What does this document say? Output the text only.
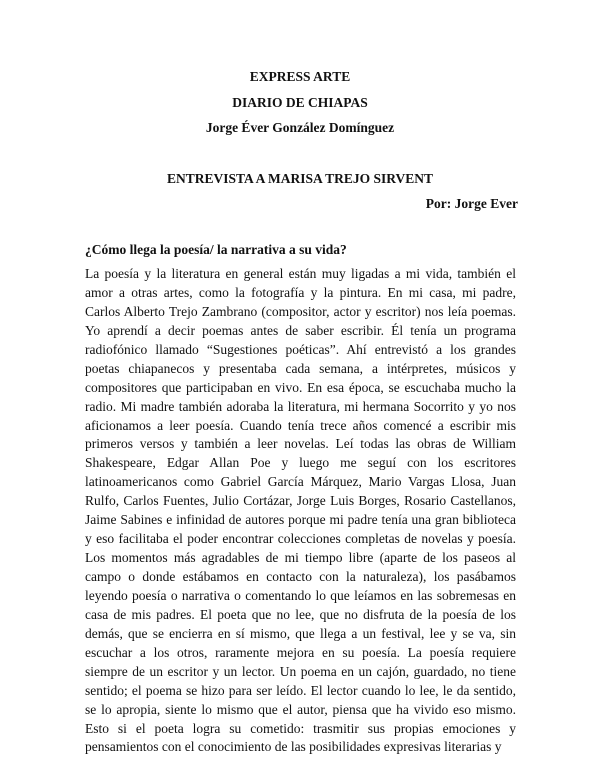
EXPRESS ARTE
DIARIO DE CHIAPAS
Jorge Éver González Domínguez
ENTREVISTA A MARISA TREJO SIRVENT
Por: Jorge Ever
¿Cómo llega la poesía/ la narrativa a su vida?
La poesía y la literatura en general están muy ligadas a mi vida, también el
amor a otras artes, como la fotografía y la pintura. En mi casa, mi padre,
Carlos Alberto Trejo Zambrano (compositor, actor y escritor) nos leía poemas.
Yo aprendí a decir poemas antes de saber escribir. Él tenía un programa
radiofónico llamado “Sugestiones poéticas”. Ahí entrevistó a los grandes
poetas chiapanecos y presentaba cada semana, a intérpretes, músicos y
compositores que participaban en vivo. En esa época, se escuchaba mucho la
radio. Mi madre también adoraba la literatura, mi hermana Socorrito y yo nos
aficionamos a leer poesía. Cuando tenía trece años comencé a escribir mis
primeros versos y también a leer novelas. Leí todas las obras de William
Shakespeare, Edgar Allan Poe y luego me seguí con los escritores
latinoamericanos como Gabriel García Márquez, Mario Vargas Llosa, Juan
Rulfo, Carlos Fuentes, Julio Cortázar, Jorge Luis Borges, Rosario Castellanos,
Jaime Sabines e infinidad de autores porque mi padre tenía una gran biblioteca
y eso facilitaba el poder encontrar colecciones completas de novelas y poesía.
Los momentos más agradables de mi tiempo libre (aparte de los paseos al
campo o donde estábamos en contacto con la naturaleza), los pasábamos
leyendo poesía o narrativa o comentando lo que leíamos en las sobremesas en
casa de mis padres. El poeta que no lee, que no disfruta de la poesía de los
demás, que se encierra en sí mismo, que llega a un festival, lee y se va, sin
escuchar a los otros, raramente mejora en su poesía. La poesía requiere
siempre de un escritor y un lector. Un poema en un cajón, guardado, no tiene
sentido; el poema se hizo para ser leído. El lector cuando lo lee, le da sentido,
se lo apropia, siente lo mismo que el autor, piensa que ha vivido eso mismo.
Esto si el poeta logra su cometido: trasmitir sus propias emociones y
pensamientos con el conocimiento de las posibilidades expresivas literarias y
